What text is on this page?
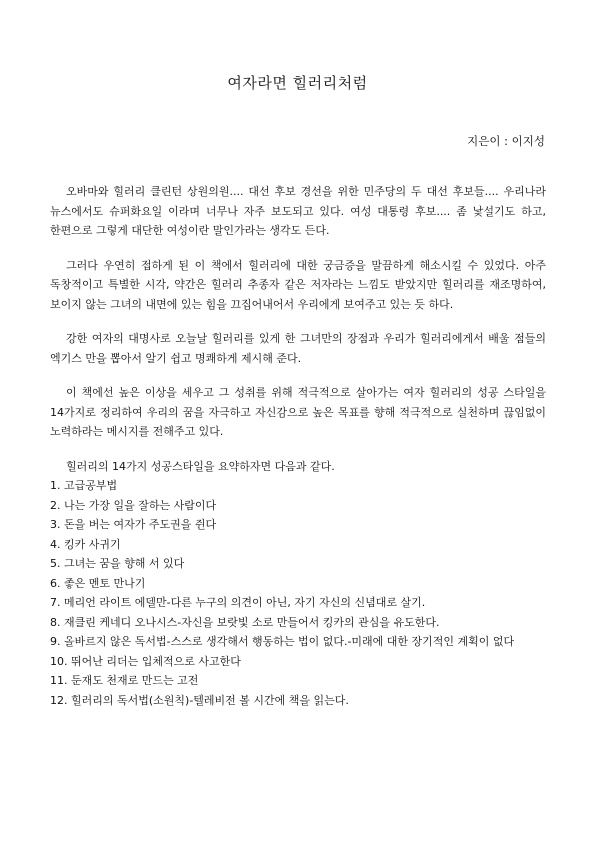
여자라면 힐러리처럼
지은이 : 이지성

오바마와 힐러리 클린턴 상원의원.... 대선 후보 경선을 위한 민주당의 두 대선 후보들.... 우리나라 뉴스에서도 슈퍼화요일 이라며 너무나 자주 보도되고 있다. 여성 대통령 후보.... 좀 낯설기도 하고, 한편으로 그렇게 대단한 여성이란 말인가라는 생각도 든다.

그러다 우연히 접하게 된 이 책에서 힐러리에 대한 궁금증을 말끔하게 해소시킬 수 있었다. 아주 독창적이고 특별한 시각, 약간은 힐러리 추종자 같은 저자라는 느낌도 받았지만 힐러리를 재조명하여, 보이지 않는 그녀의 내면에 있는 힘을 끄집어내어서 우리에게 보여주고 있는 듯 하다.

강한 여자의 대명사로 오늘날 힐러리를 있게 한 그녀만의 장점과 우리가 힐러리에게서 배울 점들의 엑기스 만을 뽑아서 알기 쉽고 명쾌하게 제시해 준다.

이 책에선 높은 이상을 세우고 그 성취를 위해 적극적으로 살아가는 여자 힐러리의 성공 스타일을 14가지로 정리하여 우리의 꿈을 자극하고 자신감으로 높은 목표를 향해 적극적으로 실천하며 끊임없이 노력하라는 메시지를 전해주고 있다.

힐러리의 14가지 성공스타일을 요약하자면 다음과 같다.

1. 고급공부법
2. 나는 가장 일을 잘하는 사람이다
3. 돈을 버는 여자가 주도권을 쥔다
4. 킹카 사귀기
5. 그녀는 꿈을 향해 서 있다
6. 좋은 멘토 만나기
7. 메리언 라이트 에델만-다른 누구의 의견이 아닌, 자기 자신의 신념대로 살기.
8. 재클린 케네디 오나시스-자신을 보랏빛 소로 만들어서 킹카의 관심을 유도한다.
9. 올바르지 않은 독서법-스스로 생각해서 행동하는 법이 없다.-미래에 대한 장기적인 계획이 없다
10. 뛰어난 리더는 입체적으로 사고한다
11. 둔재도 천재로 만드는 고전
12. 힐러리의 독서법(소원칙)-텔레비전 볼 시간에 책을 읽는다.
